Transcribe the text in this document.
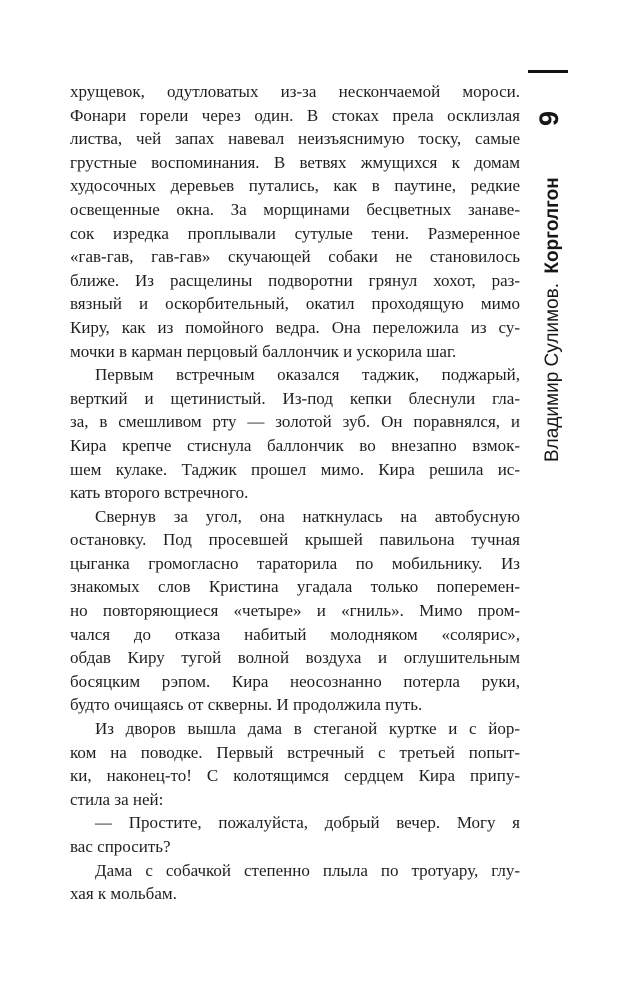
хрущевок, одутловатых из-за нескончаемой мороси.
Фонари горели через один. В стоках прела осклизлая
листва, чей запах навевал неизъяснимую тоску, самые
грустные воспоминания. В ветвях жмущихся к домам
худосочных деревьев путались, как в паутине, редкие
освещенные окна. За морщинами бесцветных занаве-
сок изредка проплывали сутулые тени. Размеренное
«гав-гав, гав-гав» скучающей собаки не становилось
ближе. Из расщелины подворотни грянул хохот, раз-
вязный и оскорбительный, окатил проходящую мимо
Киру, как из помойного ведра. Она переложила из су-
мочки в карман перцовый баллончик и ускорила шаг.
Первым встречным оказался таджик, поджарый,
верткий и щетинистый. Из-под кепки блеснули гла-
за, в смешливом рту — золотой зуб. Он поравнялся, и
Кира крепче стиснула баллончик во внезапно взмок-
шем кулаке. Таджик прошел мимо. Кира решила ис-
кать второго встречного.
Свернув за угол, она наткнулась на автобусную
остановку. Под просевшей крышей павильона тучная
цыганка громогласно тараторила по мобильнику. Из
знакомых слов Кристина угадала только поперемен-
но повторяющиеся «четыре» и «гниль». Мимо пром-
чался до отказа набитый молодняком «солярис»,
обдав Киру тугой волной воздуха и оглушительным
босяцким рэпом. Кира неосознанно потерла руки,
будто очищаясь от скверны. И продолжила путь.
Из дворов вышла дама в стеганой куртке и с йор-
ком на поводке. Первый встречный с третьей попыт-
ки, наконец-то! С колотящимся сердцем Кира припу-
стила за ней:
— Простите, пожалуйста, добрый вечер. Могу я
вас спросить?
Дама с собачкой степенно плыла по тротуару, глу-
хая к мольбам.
Владимир Сулимов. Корголгон 9
